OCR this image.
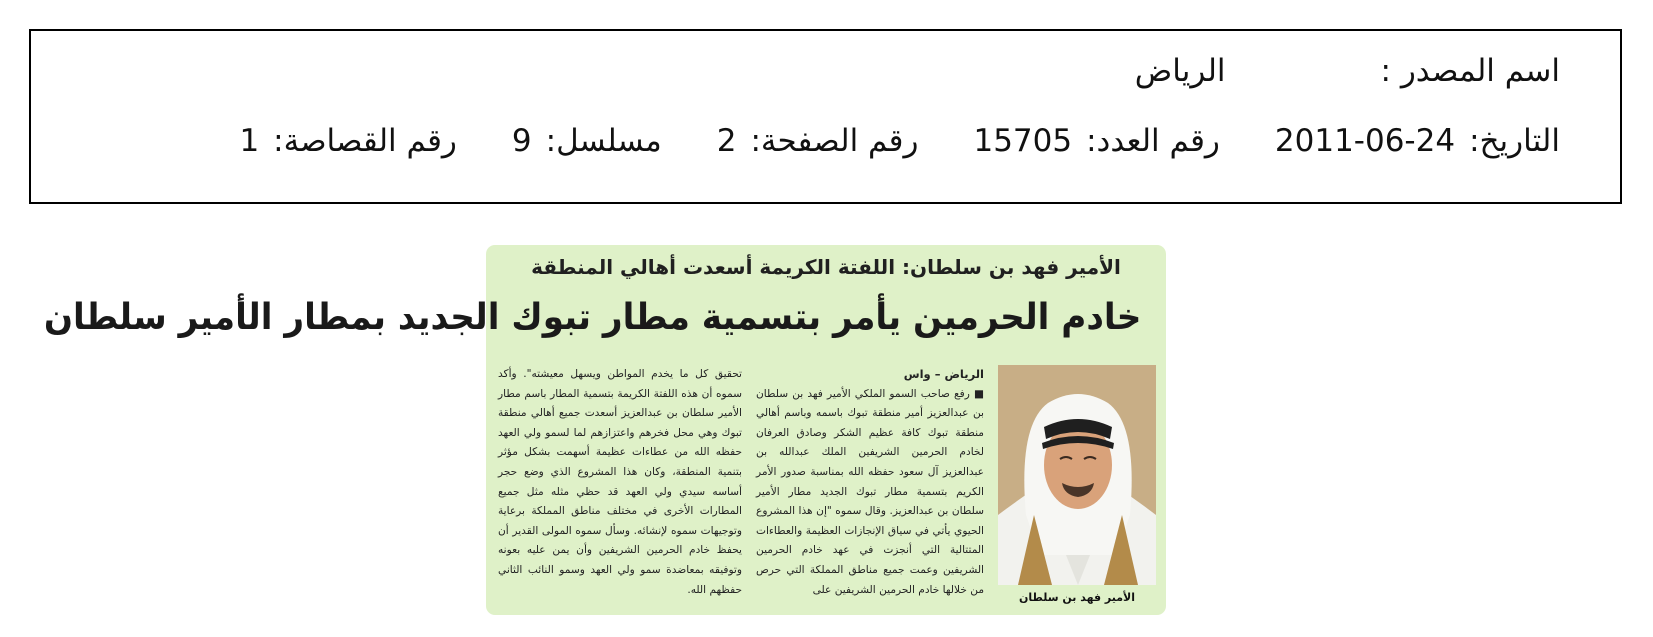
اسم المصدر :
الرياض
التاريخ:
2011-06-24
رقم العدد:
15705
رقم الصفحة:
2
مسلسل:
9
رقم القصاصة:
1
الأمير فهد بن سلطان: اللفتة الكريمة أسعدت أهالي المنطقة
خادم الحرمين يأمر بتسمية مطار تبوك الجديد بمطار الأمير سلطان
الأمير فهد بن سلطان
الرياض – واس

■ رفع صاحب السمو الملكي الأمير فهد بن سلطان بن عبدالعزيز أمير منطقة تبوك باسمه وباسم أهالي منطقة تبوك كافة عظيم الشكر وصادق العرفان لخادم الحرمين الشريفين الملك عبدالله بن عبدالعزيز آل سعود حفظه الله بمناسبة صدور الأمر الكريم بتسمية مطار تبوك الجديد مطار الأمير سلطان بن عبدالعزيز. وقال سموه "إن هذا المشروع الحيوي يأتي في سياق الإنجازات العظيمة والعطاءات المتتالية التي أنجزت في عهد خادم الحرمين الشريفين وعمت جميع مناطق المملكة التي حرص من خلالها خادم الحرمين الشريفين على

تحقيق كل ما يخدم المواطن ويسهل معيشته". وأكد سموه أن هذه اللفتة الكريمة بتسمية المطار باسم مطار الأمير سلطان بن عبدالعزيز أسعدت جميع أهالي منطقة تبوك وهي محل فخرهم واعتزازهم لما لسمو ولي العهد حفظه الله من عطاءات عظيمة أسهمت بشكل مؤثر بتنمية المنطقة، وكان هذا المشروع الذي وضع حجر أساسه سيدي ولي العهد قد حظي مثله مثل جميع المطارات الأخرى في مختلف مناطق المملكة برعاية وتوجيهات سموه لإنشائه. وسأل سموه المولى القدير أن يحفظ خادم الحرمين الشريفين وأن يمن عليه بعونه وتوفيقه بمعاضدة سمو ولي العهد وسمو النائب الثاني حفظهم الله.
